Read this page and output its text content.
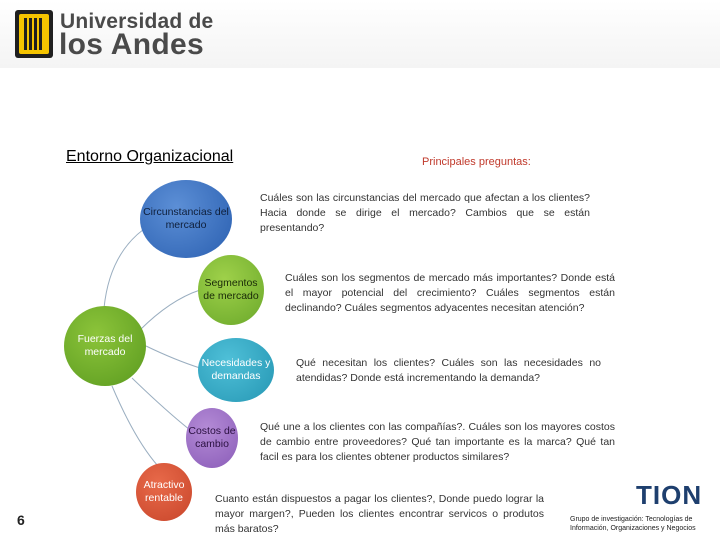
Universidad de
los Andes
Entorno Organizacional	Principales preguntas:
Fuerzas del mercado
Circunstancias del mercado
Segmentos de mercado
Necesidades y demandas
Costos de cambio
Atractivo rentable
Cuáles son las circunstancias del mercado que afectan a los clientes? Hacia donde se dirige el mercado? Cambios que se están presentando?
Cuáles son los segmentos de mercado más importantes? Donde está el mayor potencial del crecimiento? Cuáles segmentos están declinando? Cuáles segmentos adyacentes necesitan atención?
Qué necesitan los clientes? Cuáles son las necesidades no atendidas? Donde está incrementando la demanda?
Qué une a los clientes con las compañías?. Cuáles son los mayores costos de cambio entre proveedores? Qué tan importante es la marca? Qué tan facil es para los clientes obtener productos similares?
Cuanto están dispuestos a pagar los clientes?, Donde puedo lograr la mayor margen?, Pueden los clientes encontrar servicos o produtos más baratos?
6
TION
Grupo de investigación: Tecnologías de Información, Organizaciones y Negocios
